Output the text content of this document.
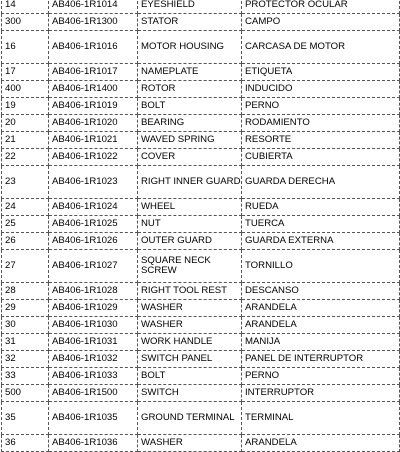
14	AB406-1R1014	EYESHIELD	PROTECTOR OCULAR
300	AB406-1R1300	STATOR	CAMPO
16	AB406-1R1016	MOTOR HOUSING	CARCASA DE MOTOR
17	AB406-1R1017	NAMEPLATE	ETIQUETA
400	AB406-1R1400	ROTOR	INDUCIDO
19	AB406-1R1019	BOLT	PERNO
20	AB406-1R1020	BEARING	RODAMIENTO
21	AB406-1R1021	WAVED SPRING	RESORTE
22	AB406-1R1022	COVER	CUBIERTA
23	AB406-1R1023	RIGHT INNER GUARD	GUARDA DERECHA
24	AB406-1R1024	WHEEL	RUEDA
25	AB406-1R1025	NUT	TUERCA
26	AB406-1R1026	OUTER GUARD	GUARDA EXTERNA
27	AB406-1R1027	SQUARE NECK SCREW	TORNILLO
28	AB406-1R1028	RIGHT TOOL REST	DESCANSO
29	AB406-1R1029	WASHER	ARANDELA
30	AB406-1R1030	WASHER	ARANDELA
31	AB406-1R1031	WORK HANDLE	MANIJA
32	AB406-1R1032	SWITCH PANEL	PANEL DE INTERRUPTOR
33	AB406-1R1033	BOLT	PERNO
500	AB406-1R1500	SWITCH	INTERRUPTOR
35	AB406-1R1035	GROUND TERMINAL	TERMINAL
36	AB406-1R1036	WASHER	ARANDELA
